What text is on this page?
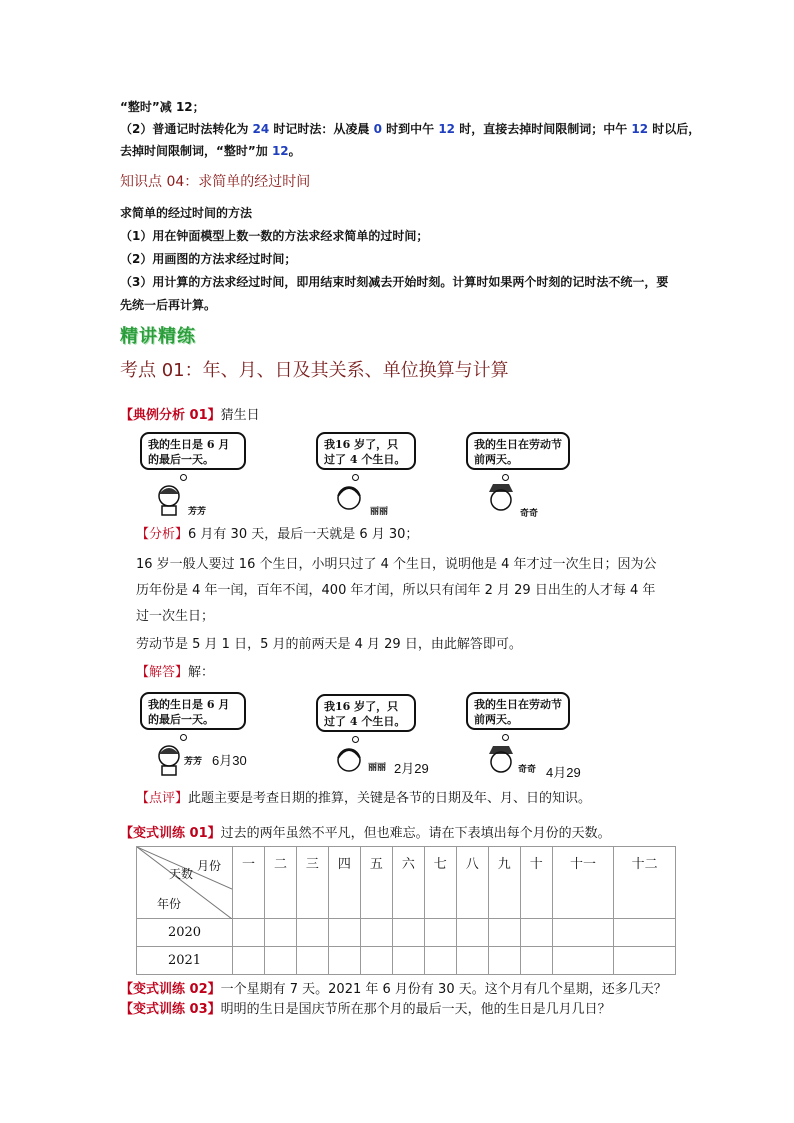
“整时”减 12；
（2）普通记时法转化为 24 时记时法：从凌晨 0 时到中午 12 时，直接去掉时间限制词；中午 12 时以后，
去掉时间限制词，“整时”加 12。
知识点 04：求简单的经过时间
求简单的经过时间的方法
（1）用在钟面模型上数一数的方法求经求简单的过时间；
（2）用画图的方法求经过时间；
（3）用计算的方法求经过时间，即用结束时刻减去开始时刻。计算时如果两个时刻的记时法不统一，要
先统一后再计算。
精讲精练
考点 01：年、月、日及其关系、单位换算与计算
【典例分析 01】猜生日
我的生日是 6 月的最后一天。
芳芳
我16 岁了，只过了 4 个生日。
丽丽
我的生日在劳动节前两天。
奇奇
【分析】6 月有 30 天，最后一天就是 6 月 30；
16 岁一般人要过 16 个生日，小明只过了 4 个生日，说明他是 4 年才过一次生日；因为公
历年份是 4 年一闰，百年不闰，400 年才闰，所以只有闰年 2 月 29 日出生的人才每 4 年
过一次生日；
劳动节是 5 月 1 日，5 月的前两天是 4 月 29 日，由此解答即可。
【解答】解：
我的生日是 6 月的最后一天。
芳芳 6月30
我16 岁了，只过了 4 个生日。
丽丽 2月29
我的生日在劳动节前两天。
奇奇 4月29
【点评】此题主要是考查日期的推算，关键是各节的日期及年、月、日的知识。
【变式训练 01】过去的两年虽然不平凡，但也难忘。请在下表填出每个月份的天数。
月份
天数
年份	一	二	三	四	五	六	七	八	九	十	十一	十二
2020												
2021												
【变式训练 02】一个星期有 7 天。2021 年 6 月份有 30 天。这个月有几个星期，还多几天？
【变式训练 03】明明的生日是国庆节所在那个月的最后一天，他的生日是几月几日？
